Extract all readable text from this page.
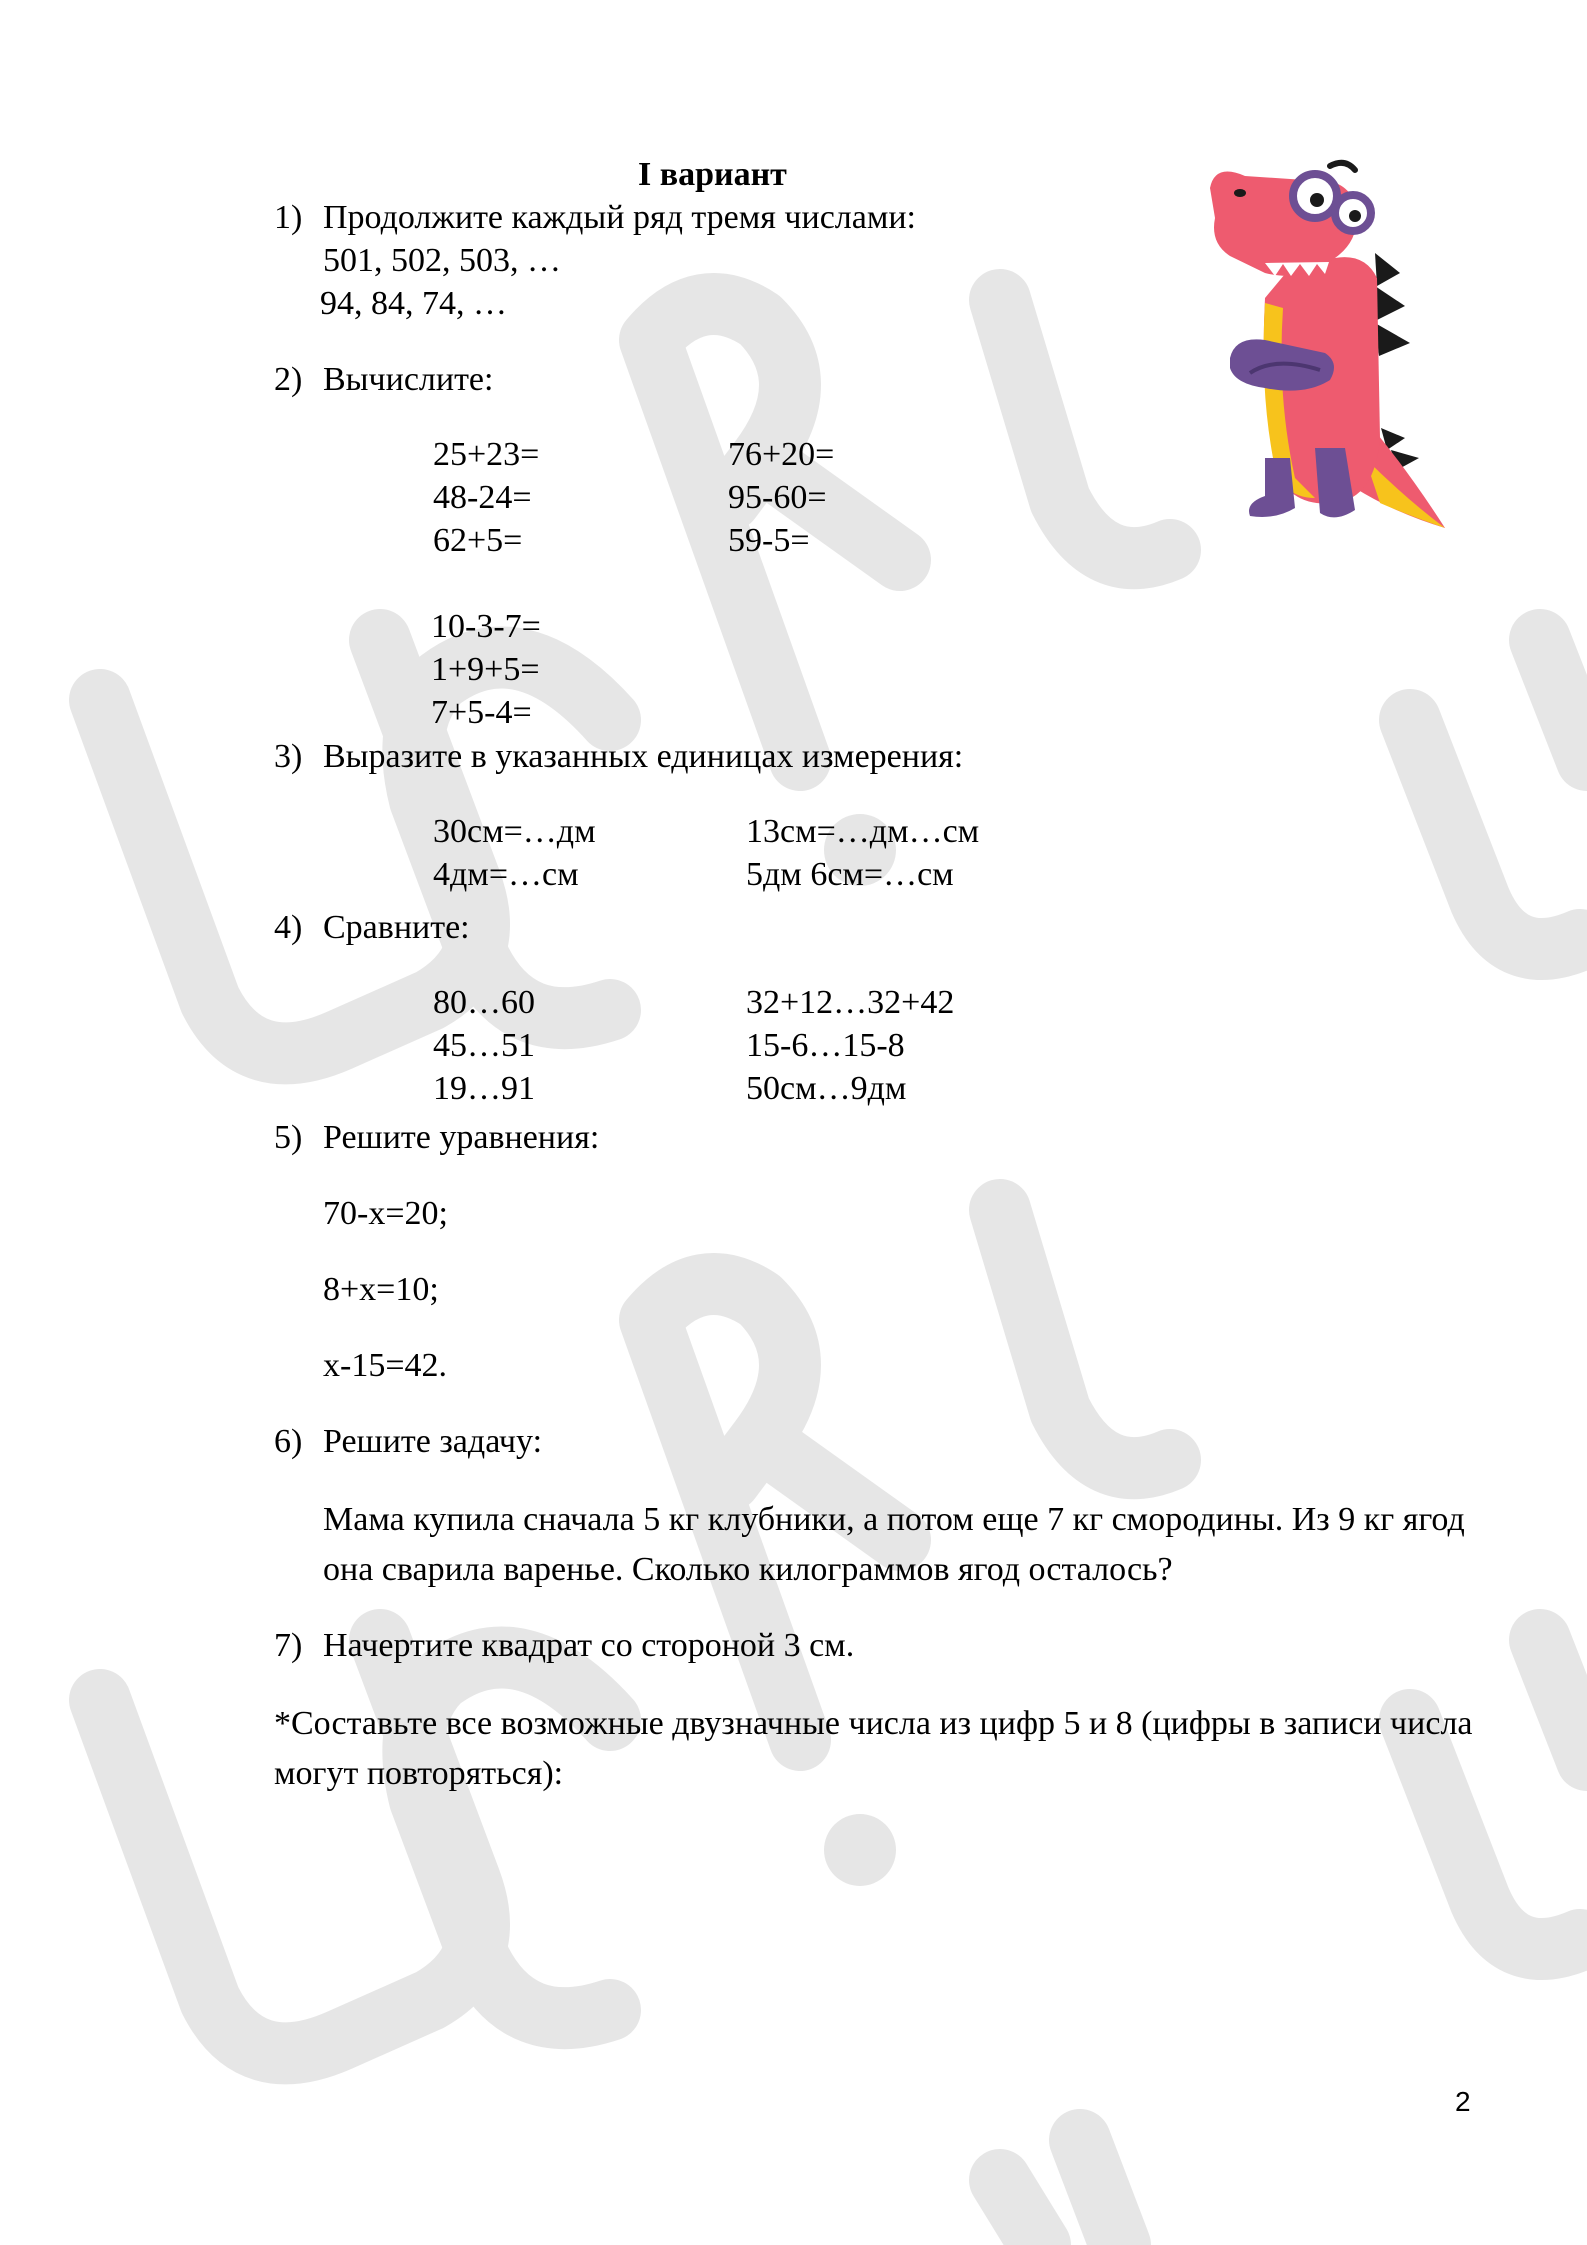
I вариант
1) Продолжите каждый ряд тремя числами:
501, 502, 503, …
94, 84, 74, …
2) Вычислите:
25+23=
48-24=
62+5=
76+20=
95-60=
59-5=
10-3-7=
1+9+5=
7+5-4=
3) Выразите в указанных единицах измерения:
30см=…дм
4дм=…см
13см=…дм…см
5дм 6см=…см
4) Сравните:
80…60
45…51
19…91
32+12…32+42
15-6…15-8
50см…9дм
5) Решите уравнения:
70-х=20;
8+х=10;
х-15=42.
6) Решите задачу:
Мама купила сначала 5 кг клубники, а потом еще 7 кг смородины. Из 9 кг ягод она сварила варенье. Сколько килограммов ягод осталось?
7) Начертите квадрат со стороной 3 см.
*Составьте все возможные двузначные числа из цифр 5 и 8 (цифры в записи числа могут повторяться):
2
